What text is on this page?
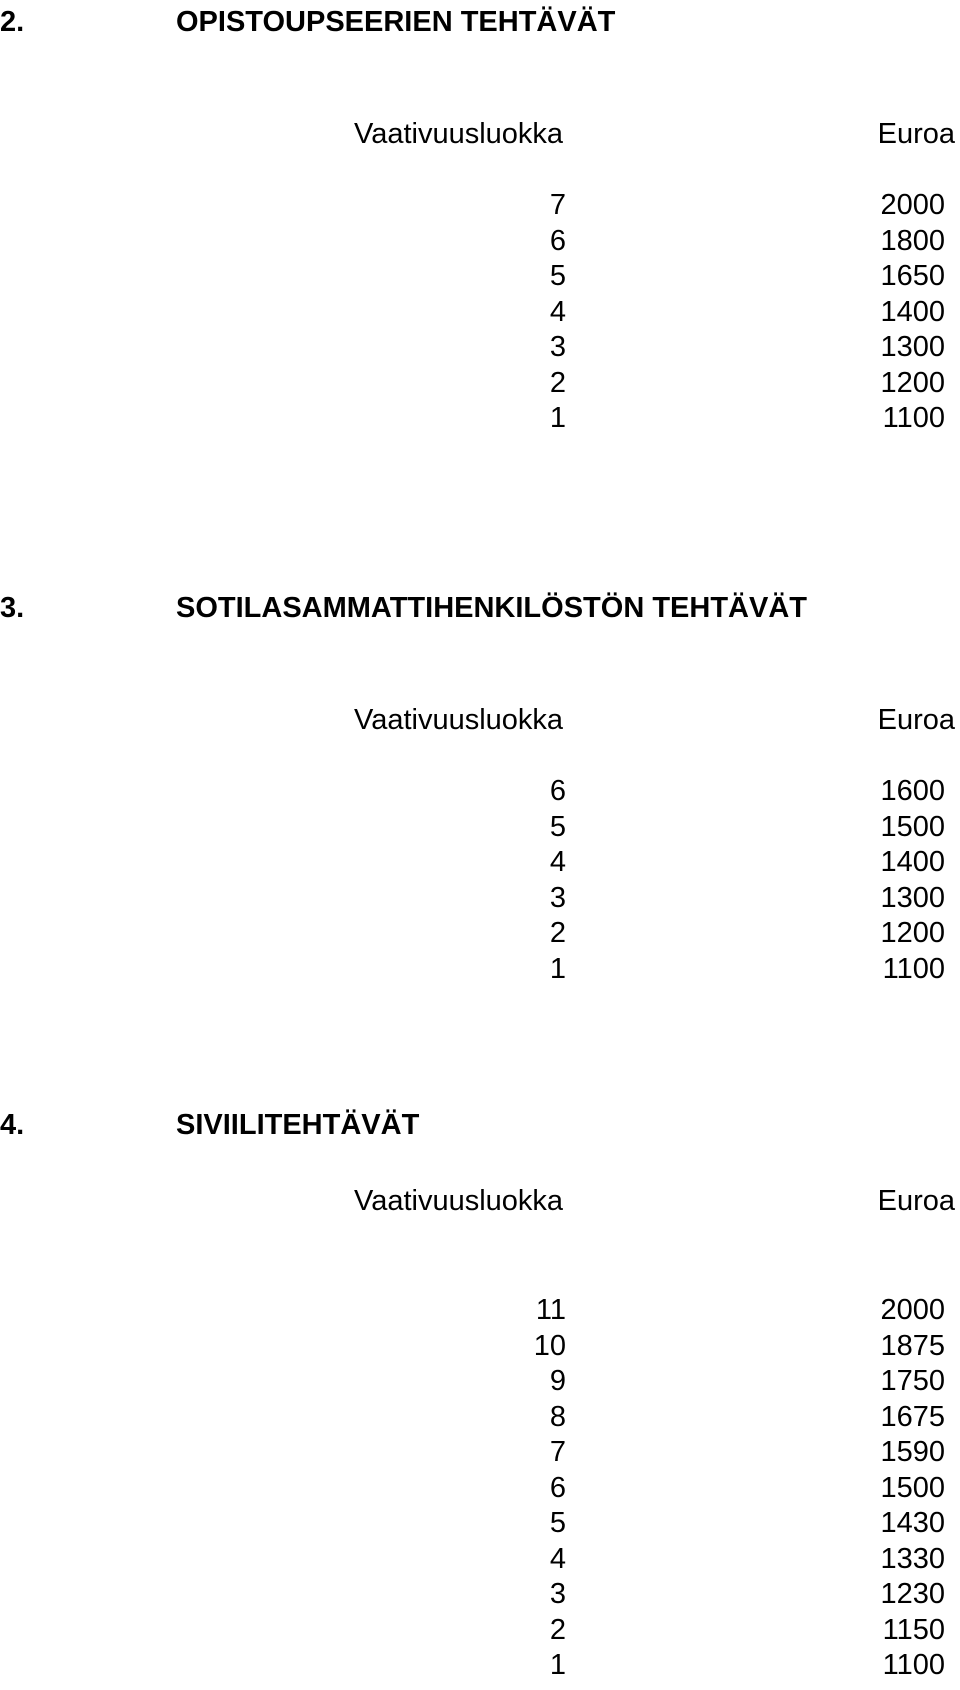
2.	OPISTOUPSEERIEN TEHTÄVÄT
Vaativuusluokka	Euroa
7	2000
6	1800
5	1650
4	1400
3	1300
2	1200
1	1100
3.	SOTILASAMMATTIHENKILÖSTÖN TEHTÄVÄT
Vaativuusluokka	Euroa
6	1600
5	1500
4	1400
3	1300
2	1200
1	1100
4.	SIVIILITEHTÄVÄT
Vaativuusluokka	Euroa
11	2000
10	1875
9	1750
8	1675
7	1590
6	1500
5	1430
4	1330
3	1230
2	1150
1	1100
